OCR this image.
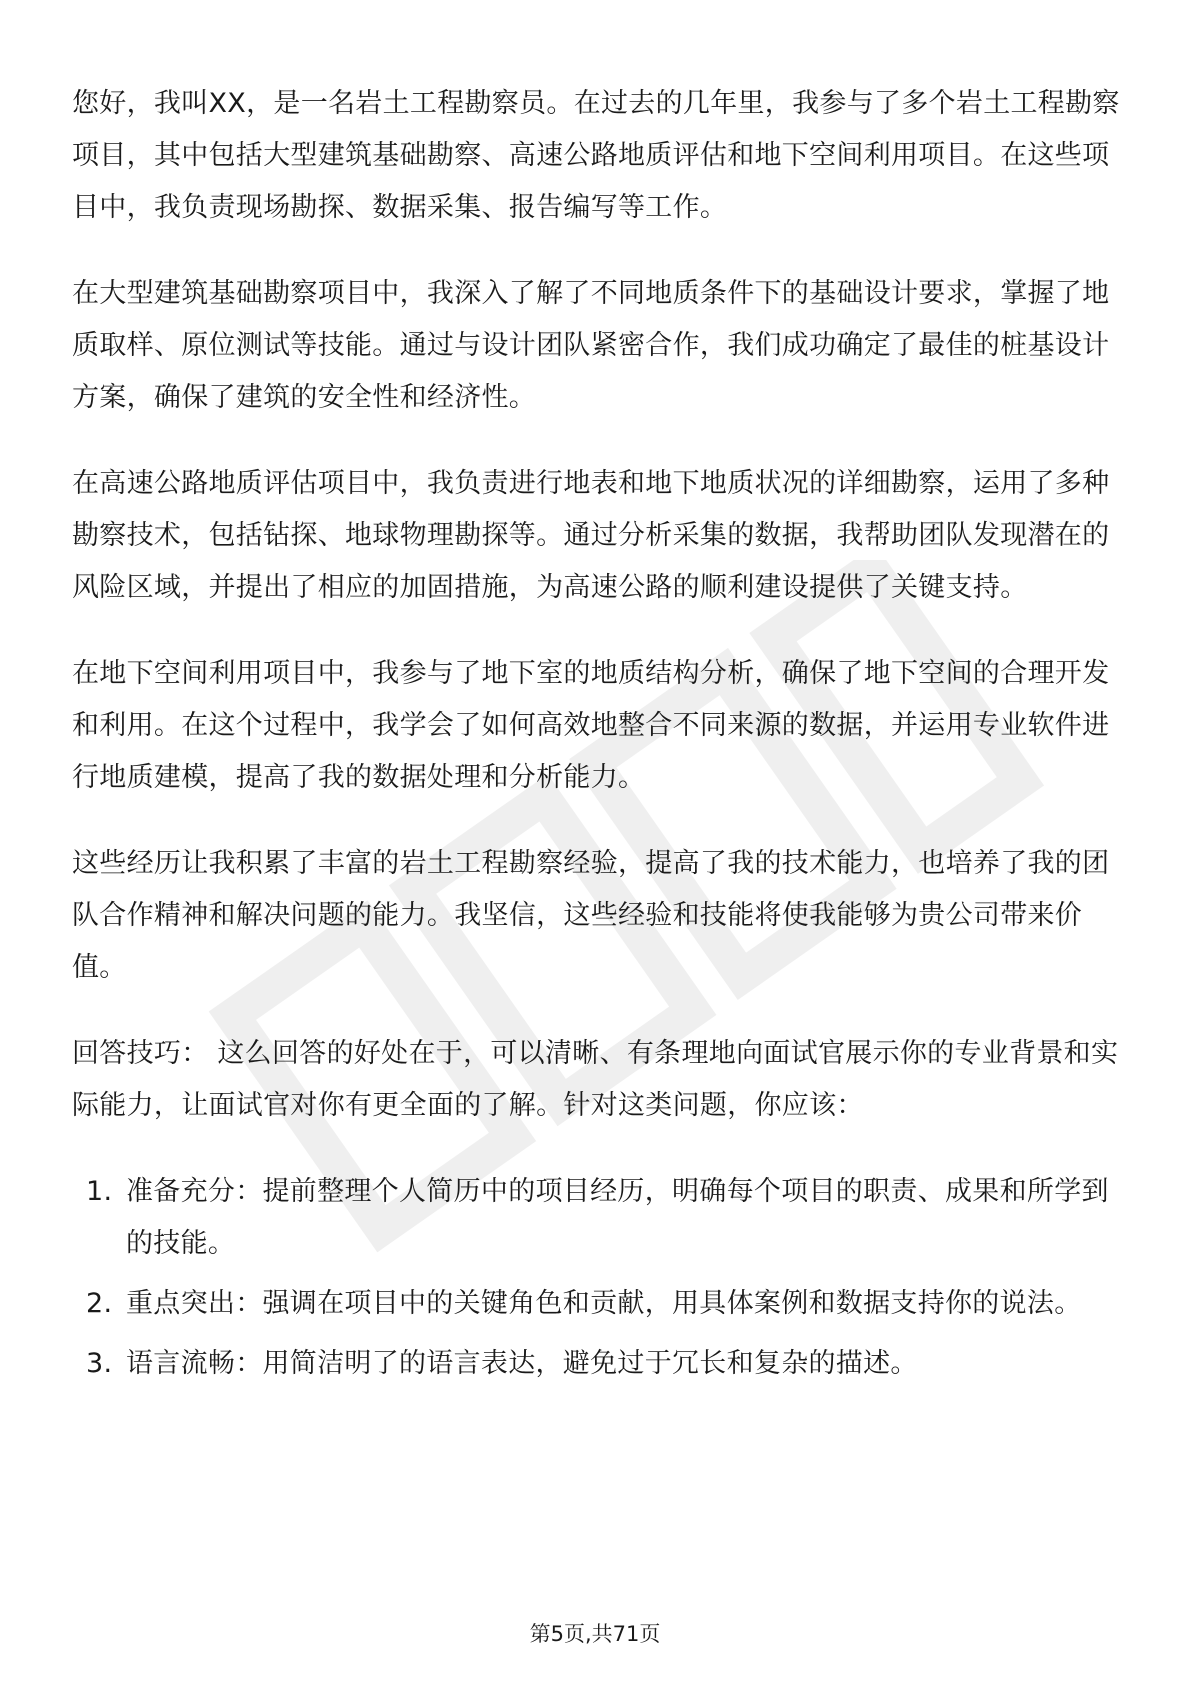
您好，我叫XX，是一名岩土工程勘察员。在过去的几年里，我参与了多个岩土工程勘察项目，其中包括大型建筑基础勘察、高速公路地质评估和地下空间利用项目。在这些项目中，我负责现场勘探、数据采集、报告编写等工作。

在大型建筑基础勘察项目中，我深入了解了不同地质条件下的基础设计要求，掌握了地质取样、原位测试等技能。通过与设计团队紧密合作，我们成功确定了最佳的桩基设计方案，确保了建筑的安全性和经济性。

在高速公路地质评估项目中，我负责进行地表和地下地质状况的详细勘察，运用了多种勘察技术，包括钻探、地球物理勘探等。通过分析采集的数据，我帮助团队发现潜在的风险区域，并提出了相应的加固措施，为高速公路的顺利建设提供了关键支持。

在地下空间利用项目中，我参与了地下室的地质结构分析，确保了地下空间的合理开发和利用。在这个过程中，我学会了如何高效地整合不同来源的数据，并运用专业软件进行地质建模，提高了我的数据处理和分析能力。

这些经历让我积累了丰富的岩土工程勘察经验，提高了我的技术能力，也培养了我的团队合作精神和解决问题的能力。我坚信，这些经验和技能将使我能够为贵公司带来价值。

回答技巧： 这么回答的好处在于，可以清晰、有条理地向面试官展示你的专业背景和实际能力，让面试官对你有更全面的了解。针对这类问题，你应该：

1. 准备充分：提前整理个人简历中的项目经历，明确每个项目的职责、成果和所学到的技能。
2. 重点突出：强调在项目中的关键角色和贡献，用具体案例和数据支持你的说法。
3. 语言流畅：用简洁明了的语言表达，避免过于冗长和复杂的描述。
第5页,共71页
